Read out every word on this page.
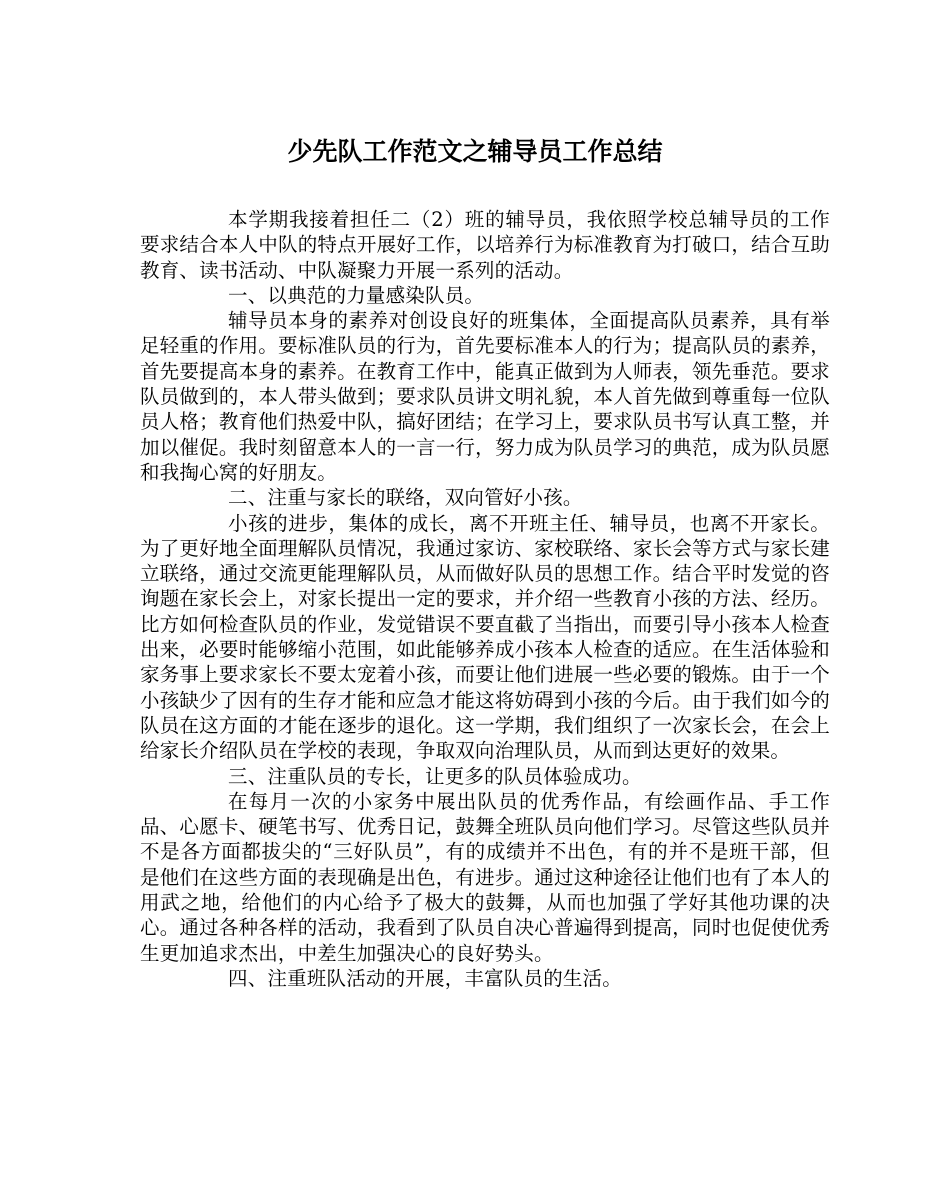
少先队工作范文之辅导员工作总结

本学期我接着担任二（2）班的辅导员，我依照学校总辅导员的工作要求结合本人中队的特点开展好工作，以培养行为标准教育为打破口，结合互助教育、读书活动、中队凝聚力开展一系列的活动。

一、以典范的力量感染队员。

辅导员本身的素养对创设良好的班集体，全面提高队员素养，具有举足轻重的作用。要标准队员的行为，首先要标准本人的行为；提高队员的素养，首先要提高本身的素养。在教育工作中，能真正做到为人师表，领先垂范。要求队员做到的，本人带头做到；要求队员讲文明礼貌，本人首先做到尊重每一位队员人格；教育他们热爱中队，搞好团结；在学习上，要求队员书写认真工整，并加以催促。我时刻留意本人的一言一行，努力成为队员学习的典范，成为队员愿和我掏心窝的好朋友。

二、注重与家长的联络，双向管好小孩。

小孩的进步，集体的成长，离不开班主任、辅导员，也离不开家长。为了更好地全面理解队员情况，我通过家访、家校联络、家长会等方式与家长建立联络，通过交流更能理解队员，从而做好队员的思想工作。结合平时发觉的咨询题在家长会上，对家长提出一定的要求，并介绍一些教育小孩的方法、经历。比方如何检查队员的作业，发觉错误不要直截了当指出，而要引导小孩本人检查出来，必要时能够缩小范围，如此能够养成小孩本人检查的适应。在生活体验和家务事上要求家长不要太宠着小孩，而要让他们进展一些必要的锻炼。由于一个小孩缺少了因有的生存才能和应急才能这将妨碍到小孩的今后。由于我们如今的队员在这方面的才能在逐步的退化。这一学期，我们组织了一次家长会，在会上给家长介绍队员在学校的表现，争取双向治理队员，从而到达更好的效果。

三、注重队员的专长，让更多的队员体验成功。

在每月一次的小家务中展出队员的优秀作品，有绘画作品、手工作品、心愿卡、硬笔书写、优秀日记，鼓舞全班队员向他们学习。尽管这些队员并不是各方面都拔尖的“三好队员”，有的成绩并不出色，有的并不是班干部，但是他们在这些方面的表现确是出色，有进步。通过这种途径让他们也有了本人的用武之地，给他们的内心给予了极大的鼓舞，从而也加强了学好其他功课的决心。通过各种各样的活动，我看到了队员自决心普遍得到提高，同时也促使优秀生更加追求杰出，中差生加强决心的良好势头。

四、注重班队活动的开展，丰富队员的生活。
